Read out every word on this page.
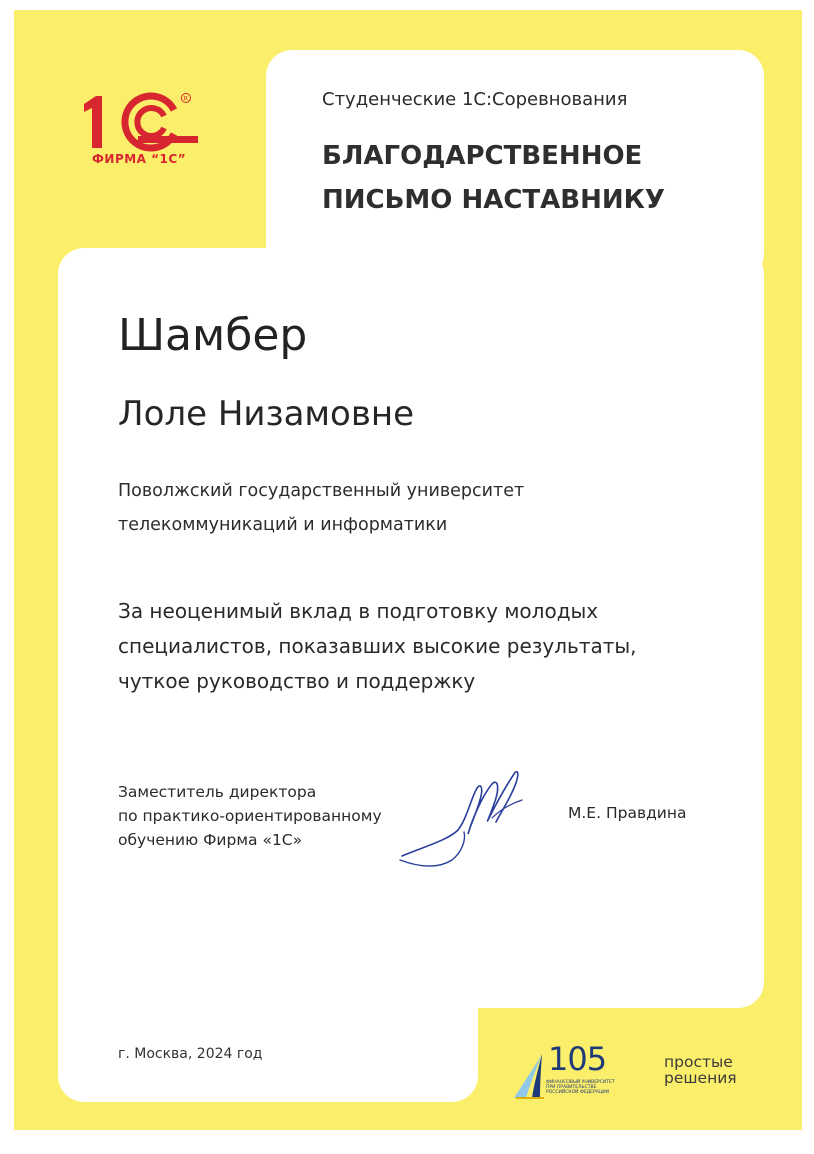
R
ФИРМА “1С”
Студенческие 1С:Соревнования
БЛАГОДАРСТВЕННОЕ
ПИСЬМО НАСТАВНИКУ
Шамбер
Лоле Низамовне
Поволжский государственный университет
телекоммуникаций и информатики
За неоценимый вклад в подготовку молодых
специалистов, показавших высокие результаты,
чуткое руководство и поддержку
Заместитель директора
по практико-ориентированному
обучению Фирма «1С»
М.Е. Правдина
г. Москва, 2024 год	105
ФИНАНСОВЫЙ УНИВЕРСИТЕТ
ПРИ ПРАВИТЕЛЬСТВЕ
РОССИЙСКОЙ ФЕДЕРАЦИИ
простые
решения
